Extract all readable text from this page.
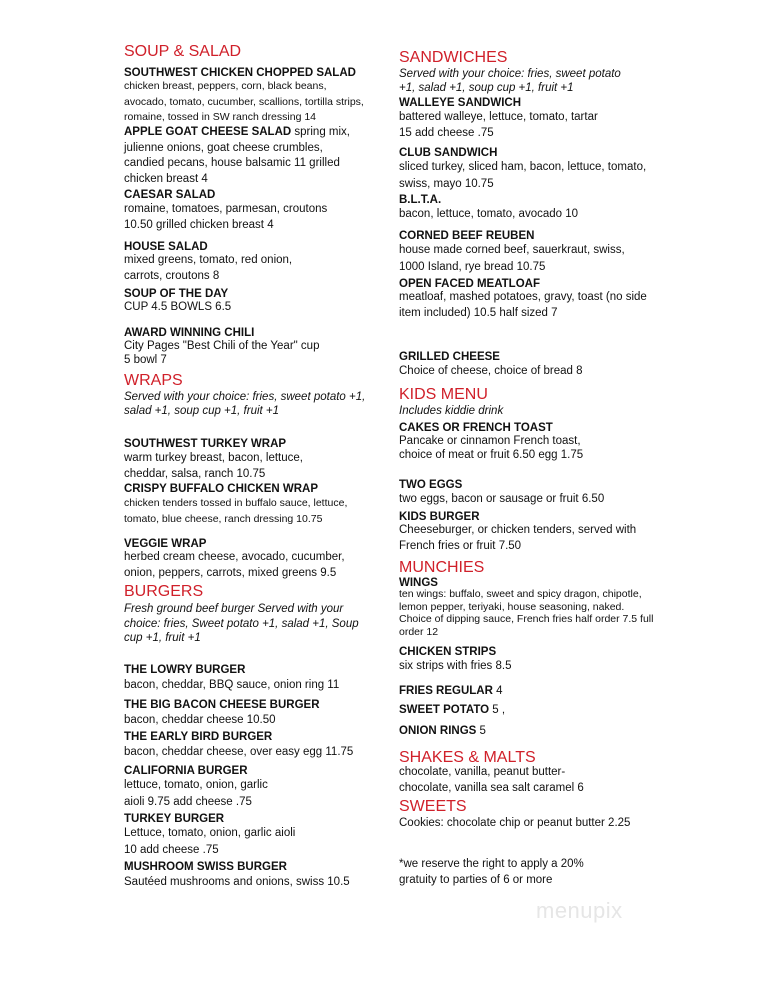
SOUP & SALAD
SOUTHWEST CHICKEN CHOPPED SALAD
chicken breast, peppers, corn, black beans, avocado, tomato, cucumber, scallions, tortilla strips, romaine, tossed in SW ranch dressing 14
APPLE GOAT CHEESE SALAD spring mix, julienne onions, goat cheese crumbles, candied pecans, house balsamic 11 grilled chicken breast 4
CAESAR SALAD
romaine, tomatoes, parmesan, croutons 10.50 grilled chicken breast 4
HOUSE SALAD
mixed greens, tomato, red onion, carrots, croutons 8
SOUP OF THE DAY
CUP 4.5 BOWLS 6.5
AWARD WINNING CHILI
City Pages "Best Chili of the Year" cup 5 bowl 7
WRAPS
Served with your choice: fries, sweet potato +1, salad +1, soup cup +1, fruit +1
SOUTHWEST TURKEY WRAP
warm turkey breast, bacon, lettuce, cheddar, salsa, ranch 10.75
CRISPY BUFFALO CHICKEN WRAP
chicken tenders tossed in buffalo sauce, lettuce, tomato, blue cheese, ranch dressing 10.75
VEGGIE WRAP
herbed cream cheese, avocado, cucumber, onion, peppers, carrots, mixed greens 9.5
BURGERS
Fresh ground beef burger Served with your choice: fries, Sweet potato +1, salad +1, Soup cup +1, fruit +1
THE LOWRY BURGER
bacon, cheddar, BBQ sauce, onion ring 11
THE BIG BACON CHEESE BURGER
bacon, cheddar cheese 10.50
THE EARLY BIRD BURGER
bacon, cheddar cheese, over easy egg 11.75
CALIFORNIA BURGER
lettuce, tomato, onion, garlic aioli 9.75 add cheese .75
TURKEY BURGER
Lettuce, tomato, onion, garlic aioli 10 add cheese .75
MUSHROOM SWISS BURGER
Sautéed mushrooms and onions, swiss 10.5
SANDWICHES
Served with your choice: fries, sweet potato +1, salad +1, soup cup +1, fruit +1
WALLEYE SANDWICH
battered walleye, lettuce, tomato, tartar 15 add cheese .75
CLUB SANDWICH
sliced turkey, sliced ham, bacon, lettuce, tomato, swiss, mayo 10.75
B.L.T.A.
bacon, lettuce, tomato, avocado 10
CORNED BEEF REUBEN
house made corned beef, sauerkraut, swiss, 1000 Island, rye bread 10.75
OPEN FACED MEATLOAF
meatloaf, mashed potatoes, gravy, toast (no side item included) 10.5 half sized 7
GRILLED CHEESE
Choice of cheese, choice of bread 8
KIDS MENU
Includes kiddie drink
CAKES OR FRENCH TOAST
Pancake or cinnamon French toast, choice of meat or fruit 6.50 egg 1.75
TWO EGGS
two eggs, bacon or sausage or fruit 6.50
KIDS BURGER
Cheeseburger, or chicken tenders, served with French fries or fruit 7.50
MUNCHIES
WINGS
ten wings: buffalo, sweet and spicy dragon, chipotle, lemon pepper, teriyaki, house seasoning, naked. Choice of dipping sauce, French fries half order 7.5 full order 12
CHICKEN STRIPS
six strips with fries 8.5
FRIES REGULAR 4
SWEET POTATO 5 ,
ONION RINGS 5
SHAKES & MALTS
chocolate, vanilla, peanut butter-chocolate, vanilla sea salt caramel 6
SWEETS
Cookies: chocolate chip or peanut butter 2.25
*we reserve the right to apply a 20% gratuity to parties of 6 or more
menupix
